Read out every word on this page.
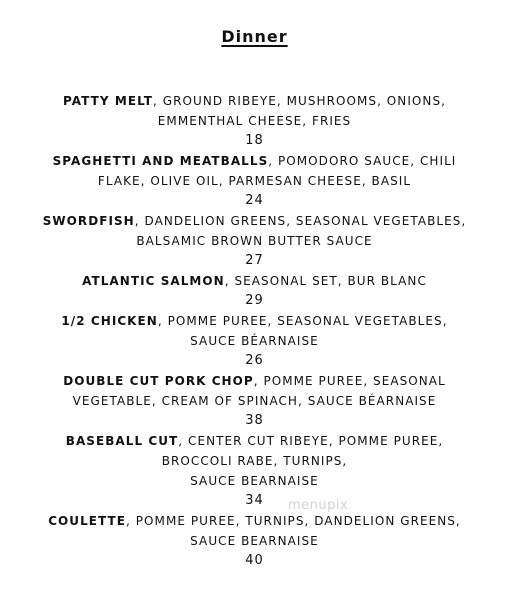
Dinner
PATTY MELT, GROUND RIBEYE, MUSHROOMS, ONIONS,
EMMENTHAL CHEESE, FRIES
18
SPAGHETTI AND MEATBALLS, POMODORO SAUCE, CHILI
FLAKE, OLIVE OIL, PARMESAN CHEESE, BASIL
24
SWORDFISH, DANDELION GREENS, SEASONAL VEGETABLES,
BALSAMIC BROWN BUTTER SAUCE
27
ATLANTIC SALMON, SEASONAL SET, BUR BLANC
29
1/2 CHICKEN, POMME PUREE, SEASONAL VEGETABLES,
SAUCE BÉARNAISE
26
DOUBLE CUT PORK CHOP, POMME PUREE, SEASONAL
VEGETABLE, CREAM OF SPINACH, SAUCE BÉARNAISE
38
BASEBALL CUT, CENTER CUT RIBEYE, POMME PUREE,
BROCCOLI RABE, TURNIPS,
SAUCE BEARNAISE
34
COULETTE, POMME PUREE, TURNIPS, DANDELION GREENS,
SAUCE BEARNAISE
40
menupix
